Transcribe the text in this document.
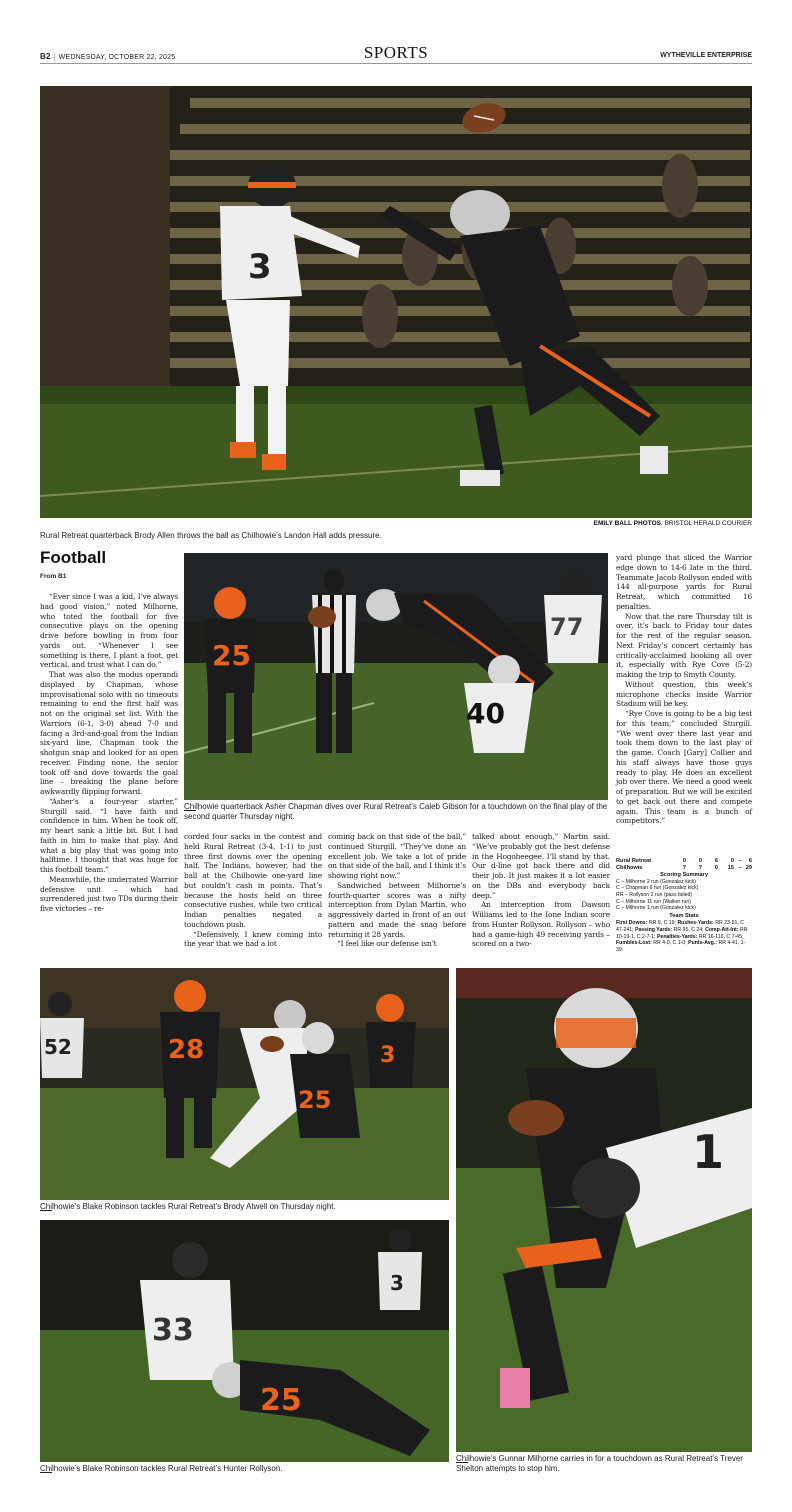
B2 | WEDNESDAY, OCTOBER 22, 2025	SPORTS	WYTHEVILLE ENTERPRISE
3
EMILY BALL PHOTOS, BRISTOL HERALD COURIER
Rural Retreat quarterback Brody Allen throws the ball as Chilhowie’s Landon Hall adds pressure.
Football
From B1

“Ever since I was a kid, I’ve always had good vision,” noted Milhorne, who toted the football for five consecutive plays on the opening drive before bowling in from four yards out. “Whenever I see something is there, I plant a foot, get vertical, and trust what I can do.”

That was also the modus operandi displayed by Chapman, whose improvisational solo with no timeouts remaining to end the first half was not on the original set list. With the Warriors (6-1, 3-0) ahead 7-0 and facing a 3rd-and-goal from the Indian six-yard line, Chapman took the shotgun snap and looked for an open receiver. Finding none, the senior took off and dove towards the goal line – breaking the plane before awkwardly flipping forward.

“Asher’s a four-year starter,” Sturgill said. “I have faith and confidence in him. When he took off, my heart sank a little bit. But I had faith in him to make that play. And what a big play that was going into halftime. I thought that was huge for this football team.”

Meanwhile, the underrated Warrior defensive unit – which had surrendered just two TDs during their five victories – re-

25
40
77
Chilhowie quarterback Asher Chapman dives over Rural Retreat’s Caleb Gibson for a touchdown on the final play of the second quarter Thursday night.

corded four sacks in the contest and held Rural Retreat (3-4, 1-1) to just three first downs over the opening half. The Indians, however, had the ball at the Chilhowie one-yard line but couldn’t cash in points. That’s because the hosts held on three consecutive rushes, while two critical Indian penalties negated a touchdown push.

“Defensively, I knew coming into the year that we had a lot

coming back on that side of the ball,” continued Sturgill. “They’ve done an excellent job. We take a lot of pride on that side of the ball, and I think it’s showing right now.”

Sandwiched between Milhorne’s fourth-quarter scores was a nifty interception from Dylan Martin, who aggressively darted in front of an out pattern and made the snag before returning it 28 yards.

“I feel like our defense isn’t

talked about enough,” Martin said. “We’ve probably got the best defense in the Hogoheegee. I’ll stand by that. Our d-line got back there and did their job. It just makes it a lot easier on the DBs and everybody back deep.”

An interception from Dawson Williams led to the Ione Indian score from Hunter Rollyson. Rollyson – who had a game-high 49 receiving yards – scored on a two-

yard plunge that sliced the Warrior edge down to 14-6 late in the third. Teammate Jacob Rollyson ended with 144 all-purpose yards for Rural Retreat, which committed 16 penalties.

Now that the rare Thursday tilt is over, it’s back to Friday tour dates for the rest of the regular season. Next Friday’s concert certainly has critically-acclaimed booking all over it, especially with Rye Cove (5-2) making the trip to Smyth County.

Without question, this week’s microphone checks inside Warrior Stadium will be key.

“Rye Cove is going to be a big test for this team,” concluded Sturgill. “We went over there last year and took them down to the last play of the game. Coach [Gary] Collier and his staff always have those guys ready to play. He does an excellent job over there. We need a good week of preparation. But we will be excited to get back out there and compete again. This team is a bunch of competitors.”

Rural Retreat	0	0	6	0	–	6
Chilhowie	7	7	0	15	–	29
Scoring Summary
C – Milhorne 2 run (Gonzalez kick)
C – Chapman 6 run (Gonzalez kick)
RR – Rollyson 2 run (pass failed)
C – Milhorne 11 run (Walker run)
C – Milhorne 1 run (Gonzalez kick)
Team Stats
First Downs: RR 9, C 19; Rushes-Yards: RR 23-91, C 47-241; Passing Yards: RR 95, C 24; Comp-Att-Int: RR 10-19-1, C 2-7-1; Penalties-Yards: RR 16-116, C 7-45; Fumbles-Lost: RR 4-0, C 1-0; Punts-Avg.: RR 4-41, 1-39.
52	28
25
3
Chilhowie’s Blake Robinson tackles Rural Retreat’s Brody Atwell on Thursday night.
33
25
3
Chilhowie’s Blake Robinson tackles Rural Retreat’s Hunter Rollyson.
1
Chilhowie’s Gunnar Milhorne carries in for a touchdown as Rural Retreat’s Trever Shelton attempts to stop him.
